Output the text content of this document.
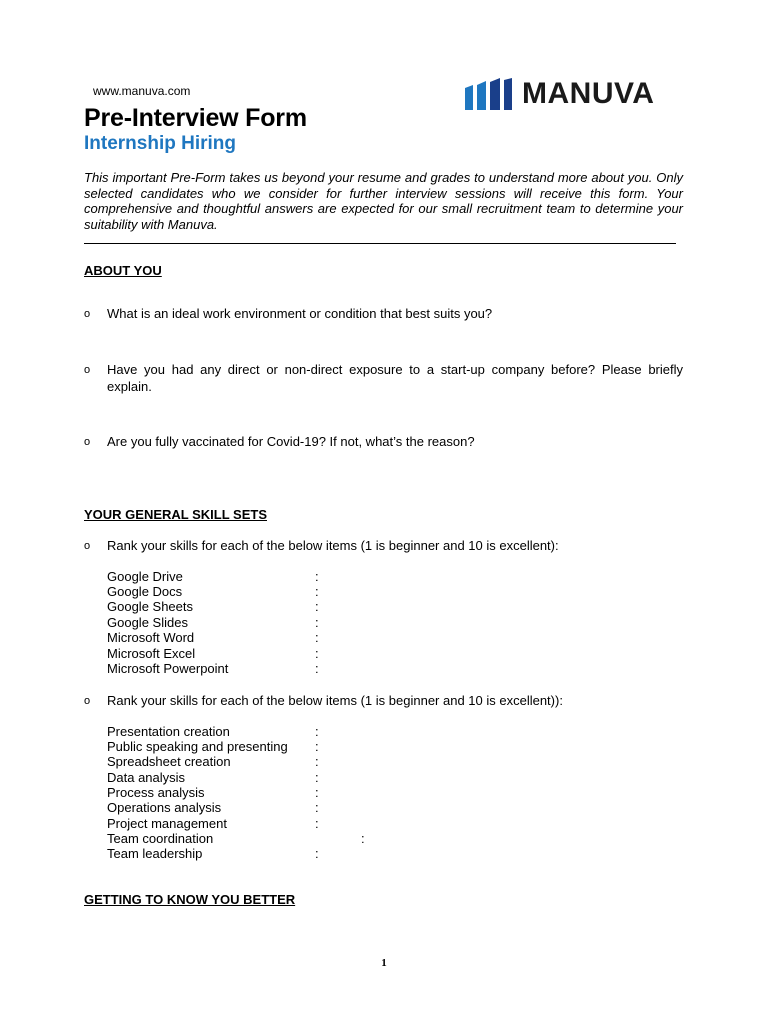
www.manuva.com
Pre-Interview Form
Internship Hiring
MANUVA
This important Pre-Form takes us beyond your resume and grades to understand more about you. Only selected candidates who we consider for further interview sessions will receive this form. Your comprehensive and thoughtful answers are expected for our small recruitment team to determine your suitability with Manuva.
ABOUT YOU
o What is an ideal work environment or condition that best suits you?
o Have you had any direct or non-direct exposure to a start-up company before? Please briefly explain.
o Are you fully vaccinated for Covid-19? If not, what’s the reason?
YOUR GENERAL SKILL SETS
o Rank your skills for each of the below items (1 is beginner and 10 is excellent):
Google Drive	:
Google Docs	:
Google Sheets	:
Google Slides	:
Microsoft Word	:
Microsoft Excel	:
Microsoft Powerpoint	:
o Rank your skills for each of the below items (1 is beginner and 10 is excellent)):
Presentation creation	:
Public speaking and presenting :
Spreadsheet creation	:
Data analysis	:
Process analysis	:
Operations analysis	:
Project management	:
Team coordination	:
Team leadership	:
GETTING TO KNOW YOU BETTER
1
